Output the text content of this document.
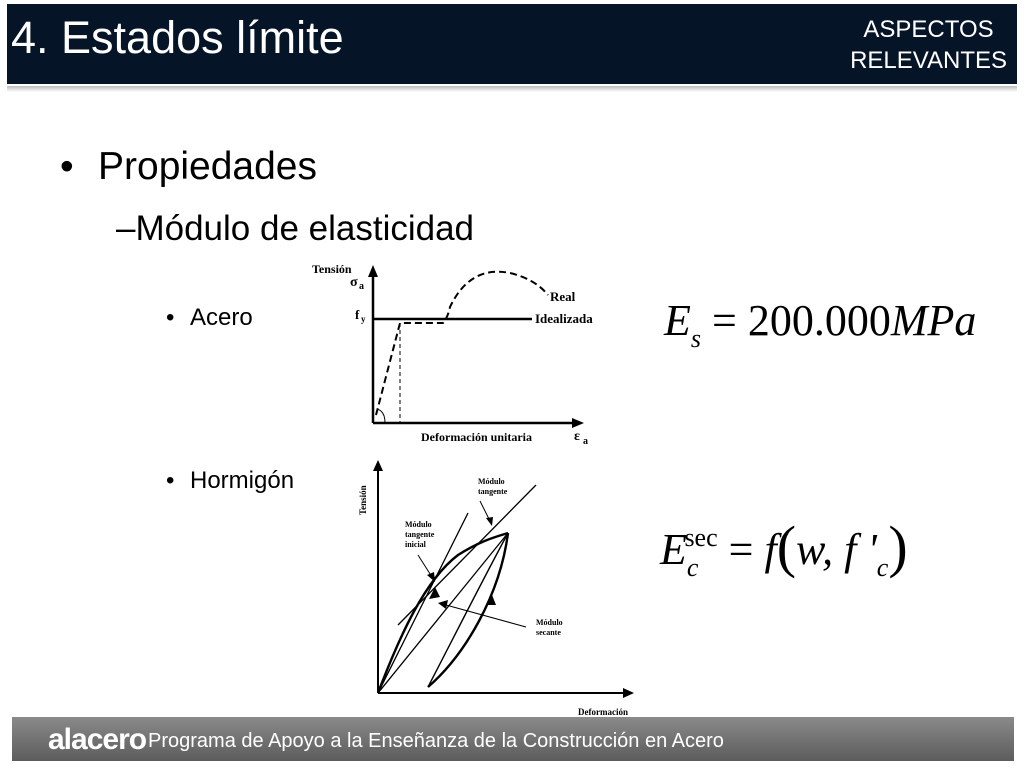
4. Estados límite	ASPECTOS
RELEVANTES
• Propiedades
–Módulo de elasticidad
• Acero
• Hormigón
Tensión
σ a
f y
Real
Idealizada
Deformación unitaria	ε a
Tensión
Deformación
Módulo
tangente
Módulo
tangente
inicial
Módulo
secante
$E_s = 200.000MPa$
$E_c^{sec} = f(w$, f '$_c$)
alacero Programa de Apoyo a la Enseñanza de la Construcción en Acero
